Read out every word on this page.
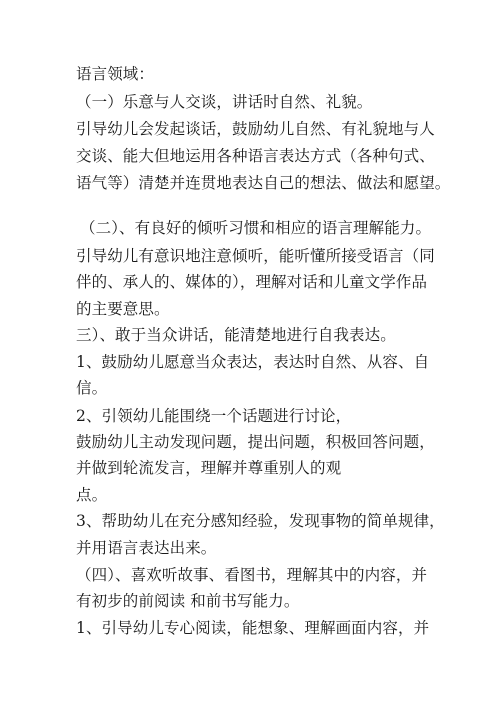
语言领域：
（一）乐意与人交谈，讲话时自然、礼貌。
引导幼儿会发起谈话，鼓励幼儿自然、有礼貌地与人
交谈、能大但地运用各种语言表达方式（各种句式、
语气等）清楚并连贯地表达自己的想法、做法和愿望。
（二）、有良好的倾听习惯和相应的语言理解能力。
引导幼儿有意识地注意倾听，能听懂所接受语言（同
伴的、承人的、媒体的），理解对话和儿童文学作品
的主要意思。
三）、敢于当众讲话，能清楚地进行自我表达。
1、鼓励幼儿愿意当众表达，表达时自然、从容、自
信。
2、引领幼儿能围绕一个话题进行讨论，
鼓励幼儿主动发现问题，提出问题，积极回答问题，
并做到轮流发言，理解并尊重别人的观
点。
3、帮助幼儿在充分感知经验，发现事物的简单规律，
并用语言表达出来。
（四）、喜欢听故事、看图书，理解其中的内容，并
有初步的前阅读 和前书写能力。
1、引导幼儿专心阅读，能想象、理解画面内容，并
